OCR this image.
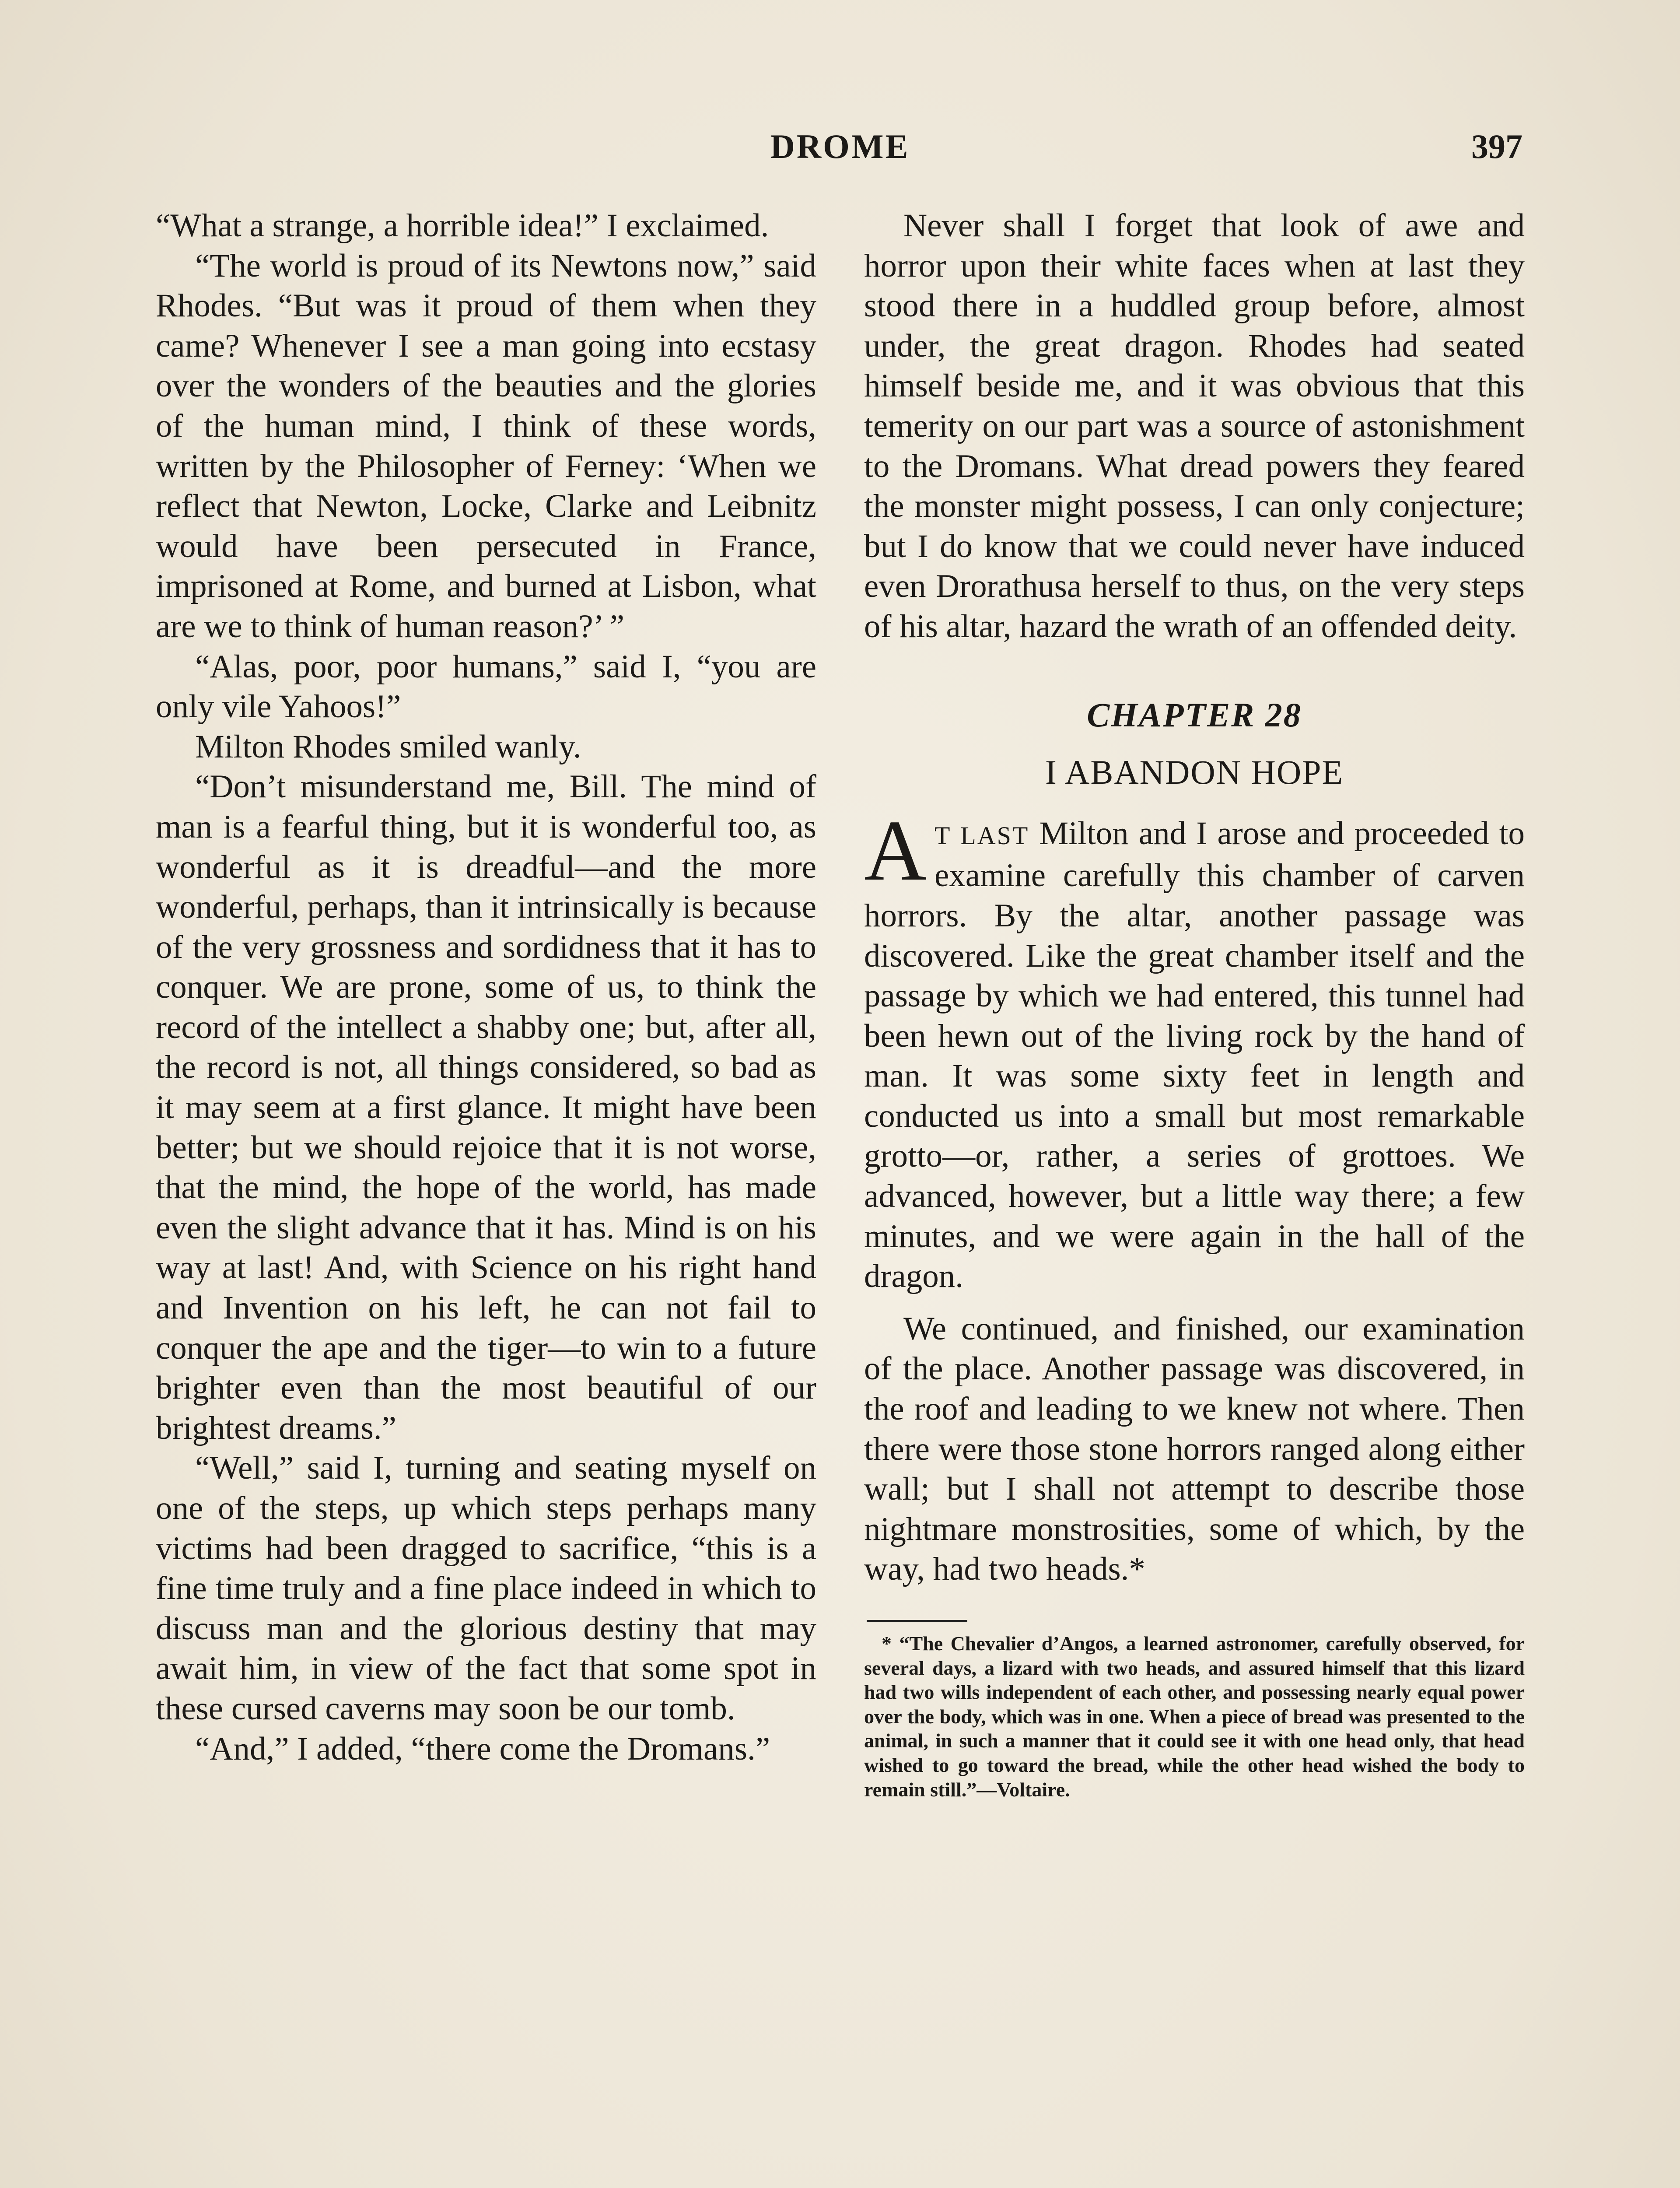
DROME	397

“What a strange, a horrible idea!” I exclaimed.

“The world is proud of its Newtons now,” said Rhodes. “But was it proud of them when they came? Whenever I see a man going into ecstasy over the wonders of the beauties and the glories of the human mind, I think of these words, written by the Philosopher of Ferney: ‘When we reflect that Newton, Locke, Clarke and Leibnitz would have been persecuted in France, imprisoned at Rome, and burned at Lisbon, what are we to think of human reason?’ ”

“Alas, poor, poor humans,” said I, “you are only vile Yahoos!”

Milton Rhodes smiled wanly.

“Don’t misunderstand me, Bill. The mind of man is a fearful thing, but it is wonderful too, as wonderful as it is dreadful—and the more wonderful, perhaps, than it intrinsically is because of the very grossness and sordidness that it has to conquer. We are prone, some of us, to think the record of the intellect a shabby one; but, after all, the record is not, all things considered, so bad as it may seem at a first glance. It might have been better; but we should rejoice that it is not worse, that the mind, the hope of the world, has made even the slight advance that it has. Mind is on his way at last! And, with Science on his right hand and Invention on his left, he can not fail to conquer the ape and the tiger—to win to a future brighter even than the most beautiful of our brightest dreams.”

“Well,” said I, turning and seating myself on one of the steps, up which steps perhaps many victims had been dragged to sacrifice, “this is a fine time truly and a fine place indeed in which to discuss man and the glorious destiny that may await him, in view of the fact that some spot in these cursed caverns may soon be our tomb.

“And,” I added, “there come the Dromans.”

Never shall I forget that look of awe and horror upon their white faces when at last they stood there in a huddled group before, almost under, the great dragon. Rhodes had seated himself beside me, and it was obvious that this temerity on our part was a source of astonishment to the Dromans. What dread powers they feared the monster might possess, I can only conjecture; but I do know that we could never have induced even Drorathusa herself to thus, on the very steps of his altar, hazard the wrath of an offended deity.

CHAPTER 28
I ABANDON HOPE

A T LAST Milton and I arose and proceeded to examine carefully this chamber of carven horrors. By the altar, another passage was discovered. Like the great chamber itself and the passage by which we had entered, this tunnel had been hewn out of the living rock by the hand of man. It was some sixty feet in length and conducted us into a small but most remarkable grotto—or, rather, a series of grottoes. We advanced, however, but a little way there; a few minutes, and we were again in the hall of the dragon.

We continued, and finished, our examination of the place. Another passage was discovered, in the roof and leading to we knew not where. Then there were those stone horrors ranged along either wall; but I shall not attempt to describe those nightmare monstrosities, some of which, by the way, had two heads.*

* “The Chevalier d’Angos, a learned astronomer, carefully observed, for several days, a lizard with two heads, and assured himself that this lizard had two wills independent of each other, and possessing nearly equal power over the body, which was in one. When a piece of bread was presented to the animal, in such a manner that it could see it with one head only, that head wished to go toward the bread, while the other head wished the body to remain still.”—Voltaire.
